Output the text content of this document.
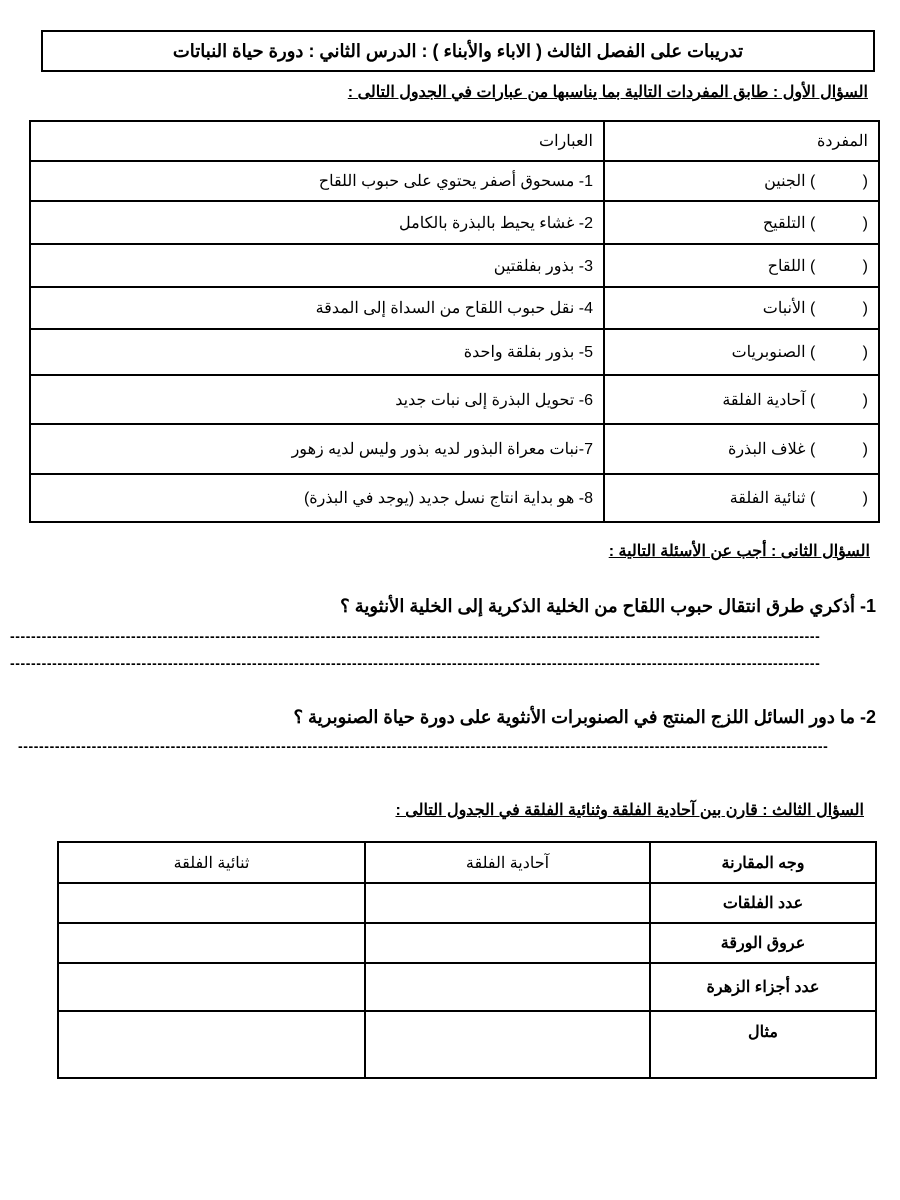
تدريبات على الفصل الثالث ( الاباء والأبناء ) : الدرس الثاني : دورة حياة النباتات
السؤال الأول : طابق المفردات التالية بما يناسبها من عبارات في الجدول التالى :
المفردة	العبارات
(
)
الجنين	1- مسحوق أصفر يحتوي على حبوب اللقاح
(
)
التلقيح	2- غشاء يحيط بالبذرة بالكامل
(
)
اللقاح	3- بذور بفلقتين
(
)
الأنبات	4- نقل حبوب اللقاح من السداة إلى المدقة
(
)
الصنوبريات	5- بذور بفلقة واحدة
(
)
آحادية الفلقة	6- تحويل البذرة إلى نبات جديد
(
)
غلاف البذرة	7-نبات معراة البذور لديه بذور وليس لديه زهور
(
)
ثنائية الفلقة	8- هو بداية انتاج نسل جديد (يوجد في البذرة)
السؤال الثانى : أجب عن الأسئلة التالية :
1- أذكري طرق انتقال حبوب اللقاح من الخلية الذكرية إلى الخلية الأنثوية ؟
----------------------------------------------------------------------------------------------------------------------------------------------------------
----------------------------------------------------------------------------------------------------------------------------------------------------------
2- ما دور السائل اللزج المنتج في الصنوبرات الأنثوية على دورة حياة الصنوبرية ؟
----------------------------------------------------------------------------------------------------------------------------------------------------------
السؤال الثالث : قارن بين آحادية الفلقة وثنائية الفلقة في الجدول التالى :
وجه المقارنة	آحادية الفلقة	ثنائية الفلقة
عدد الفلقات		
عروق الورقة		
عدد أجزاء الزهرة		
مثال		
